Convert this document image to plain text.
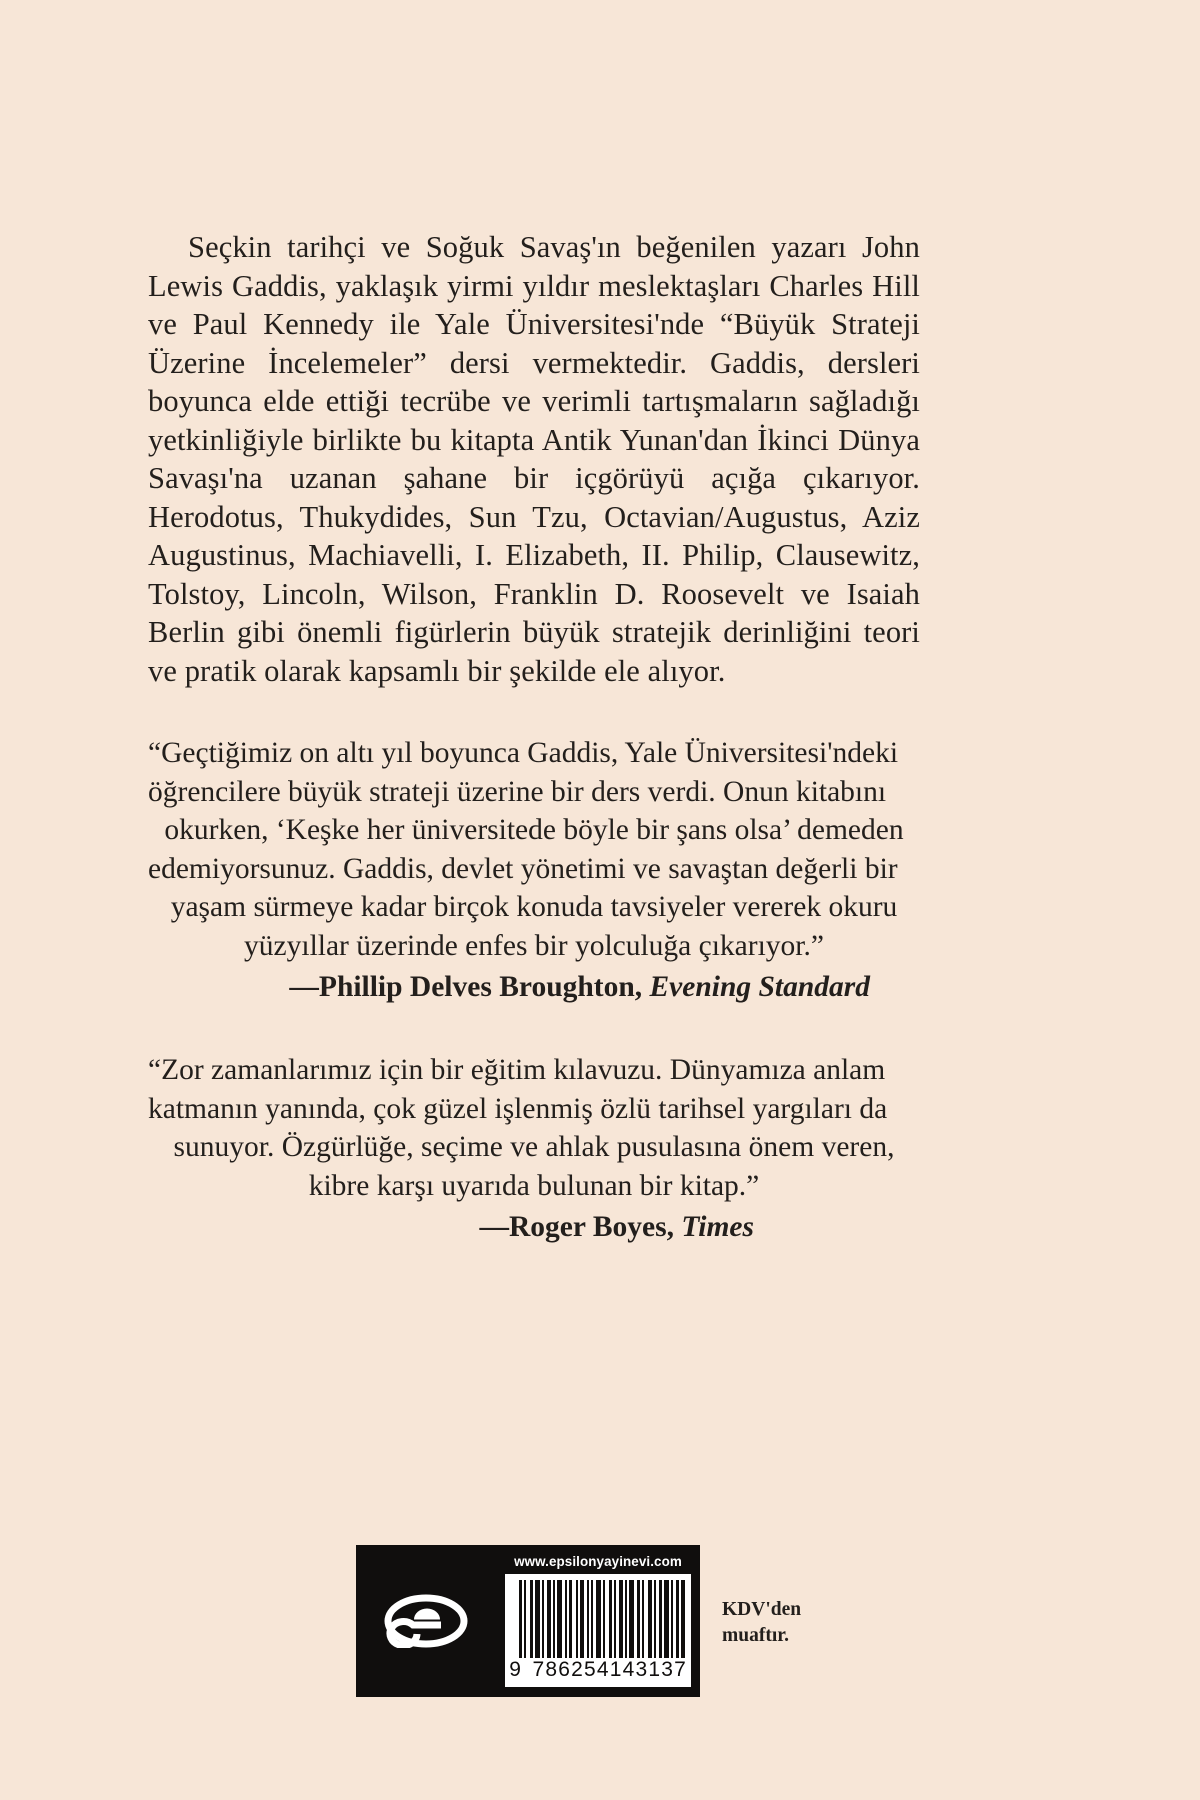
Seçkin tarihçi ve Soğuk Savaş'ın beğenilen yazarı John Lewis Gaddis, yaklaşık yirmi yıldır meslektaşları Charles Hill ve Paul Kennedy ile Yale Üniversitesi'nde “Büyük Strateji Üzerine İncelemeler” dersi vermektedir. Gaddis, dersleri boyunca elde ettiği tecrübe ve verimli tartışmaların sağladığı yetkinliğiyle birlikte bu kitapta Antik Yunan'dan İkinci Dünya Savaşı'na uzanan şahane bir içgörüyü açığa çıkarıyor. Herodotus, Thukydides, Sun Tzu, Octavian/Augustus, Aziz Augustinus, Machiavelli, I. Elizabeth, II. Philip, Clausewitz, Tolstoy, Lincoln, Wilson, Franklin D. Roosevelt ve Isaiah Berlin gibi önemli figürlerin büyük stratejik derinliğini teori ve pratik olarak kapsamlı bir şekilde ele alıyor.

“Geçtiğimiz on altı yıl boyunca Gaddis, Yale Üniversitesi'ndeki
öğrencilere büyük strateji üzerine bir ders verdi. Onun kitabını
okurken, ‘Keşke her üniversitede böyle bir şans olsa’ demeden
edemiyorsunuz. Gaddis, devlet yönetimi ve savaştan değerli bir
yaşam sürmeye kadar birçok konuda tavsiyeler vererek okuru
yüzyıllar üzerinde enfes bir yolculuğa çıkarıyor.”
—Phillip Delves Broughton, Evening Standard
“Zor zamanlarımız için bir eğitim kılavuzu. Dünyamıza anlam
katmanın yanında, çok güzel işlenmiş özlü tarihsel yargıları da
sunuyor. Özgürlüğe, seçime ve ahlak pusulasına önem veren,
kibre karşı uyarıda bulunan bir kitap.”
—Roger Boyes, Times
www.epsilonyayinevi.com
9 786254 143137
KDV'den
muaftır.
